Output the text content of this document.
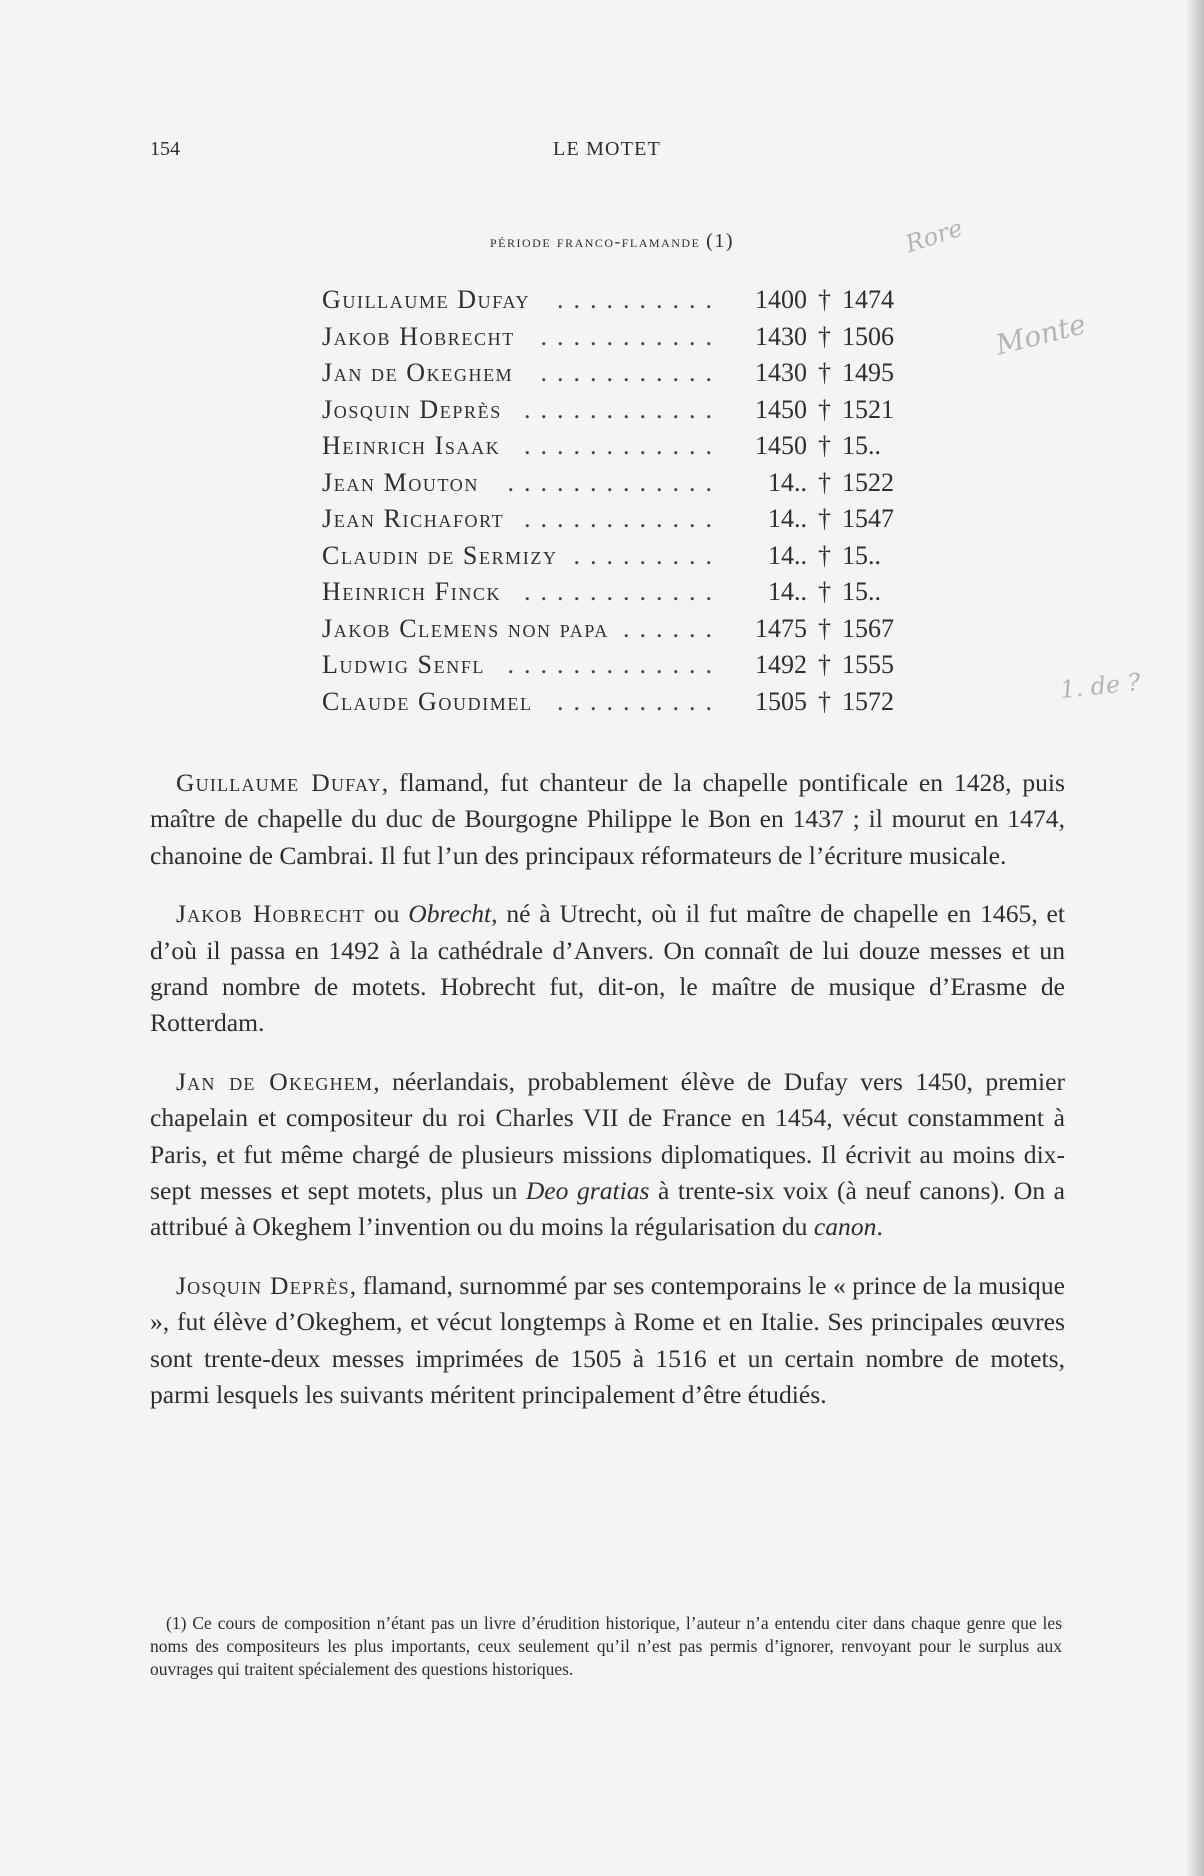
154	LE MOTET
période franco-flamande (1)
..........
Guillaume Dufay	1400 † 1474
...........
Jakob Hobrecht	1430 † 1506
...........
Jan de Okeghem	1430 † 1495
............
Josquin Deprès	1450 † 1521
............
Heinrich Isaak	1450 † 15..
.............
Jean Mouton	14.. † 1522
............
Jean Richafort	14.. † 1547
.........
Claudin de Sermizy	14.. † 15..
............
Heinrich Finck	14.. † 15..
......
Jakob Clemens non papa	1475 † 1567
.............
Ludwig Senfl	1492 † 1555
..........
Claude Goudimel	1505 † 1572
Rore
Monte
1. de ?

Guillaume Dufay, flamand, fut chanteur de la chapelle pontificale en 1428, puis maître de chapelle du duc de Bourgogne Philippe le Bon en 1437 ; il mourut en 1474, chanoine de Cambrai. Il fut l’un des principaux réformateurs de l’écriture musicale.

Jakob Hobrecht ou Obrecht, né à Utrecht, où il fut maître de chapelle en 1465, et d’où il passa en 1492 à la cathédrale d’Anvers. On connaît de lui douze messes et un grand nombre de motets. Hobrecht fut, dit-on, le maître de musique d’Erasme de Rotterdam.

Jan de Okeghem, néerlandais, probablement élève de Dufay vers 1450, premier chapelain et compositeur du roi Charles VII de France en 1454, vécut constamment à Paris, et fut même chargé de plusieurs missions diplomatiques. Il écrivit au moins dix-sept messes et sept motets, plus un Deo gratias à trente-six voix (à neuf canons). On a attribué à Okeghem l’invention ou du moins la régularisation du canon.

Josquin Deprès, flamand, surnommé par ses contemporains le « prince de la musique », fut élève d’Okeghem, et vécut longtemps à Rome et en Italie. Ses principales œuvres sont trente-deux messes imprimées de 1505 à 1516 et un certain nombre de motets, parmi lesquels les suivants méritent principalement d’être étudiés.

(1) Ce cours de composition n’étant pas un livre d’érudition historique, l’auteur n’a entendu citer dans chaque genre que les noms des compositeurs les plus importants, ceux seulement qu’il n’est pas permis d’ignorer, renvoyant pour le surplus aux ouvrages qui traitent spécialement des questions historiques.
